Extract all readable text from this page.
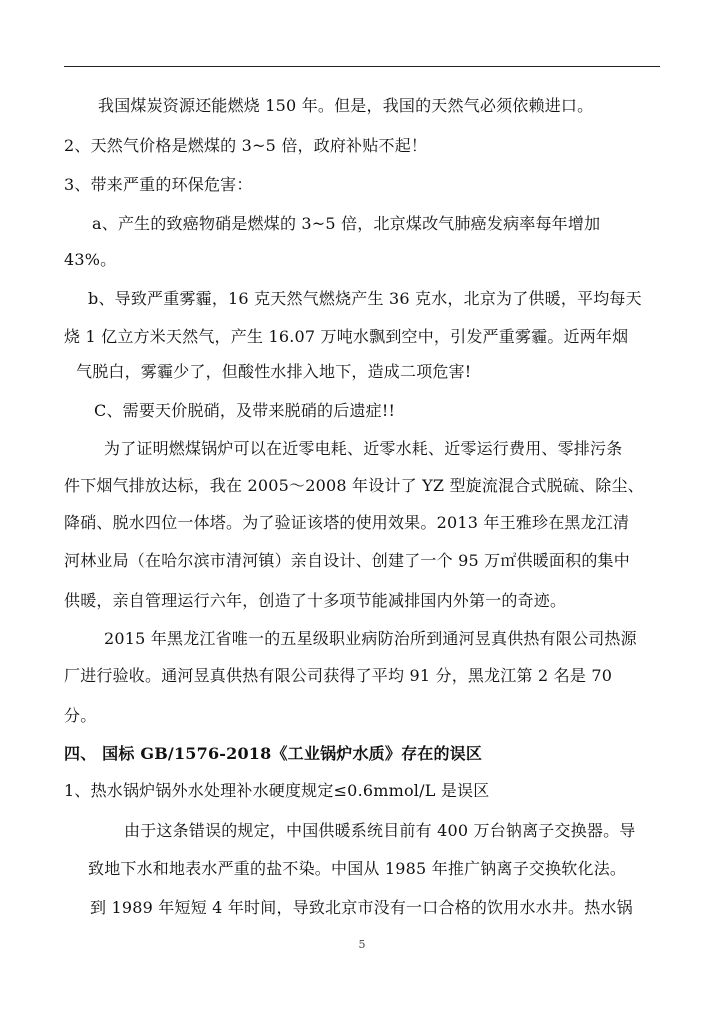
我国煤炭资源还能燃烧 150 年。但是，我国的天然气必须依赖进口。
2、天然气价格是燃煤的 3~5 倍，政府补贴不起！
3、带来严重的环保危害：
a、产生的致癌物硝是燃煤的 3~5 倍，北京煤改气肺癌发病率每年增加
43%。
b、导致严重雾霾，16 克天然气燃烧产生 36 克水，北京为了供暖，平均每天
烧 1 亿立方米天然气，产生 16.07 万吨水飘到空中，引发严重雾霾。近两年烟
气脱白，雾霾少了，但酸性水排入地下，造成二项危害!
C、需要天价脱硝，及带来脱硝的后遗症!!
为了证明燃煤锅炉可以在近零电耗、近零水耗、近零运行费用、零排污条
件下烟气排放达标，我在 2005～2008 年设计了 YZ 型旋流混合式脱硫、除尘、
降硝、脱水四位一体塔。为了验证该塔的使用效果。2013 年王雅珍在黑龙江清
河林业局（在哈尔滨市清河镇）亲自设计、创建了一个 95 万㎡供暖面积的集中
供暖，亲自管理运行六年，创造了十多项节能减排国内外第一的奇迹。
2015 年黑龙江省唯一的五星级职业病防治所到通河昱真供热有限公司热源
厂进行验收。通河昱真供热有限公司获得了平均 91 分，黑龙江第 2 名是 70
分。
四、 国标 GB/1576-2018《工业锅炉水质》存在的误区
1、热水锅炉锅外水处理补水硬度规定≤0.6mmol/L 是误区
由于这条错误的规定，中国供暖系统目前有 400 万台钠离子交换器。导
致地下水和地表水严重的盐不染。中国从 1985 年推广钠离子交换软化法。
到 1989 年短短 4 年时间，导致北京市没有一口合格的饮用水水井。热水锅
5
